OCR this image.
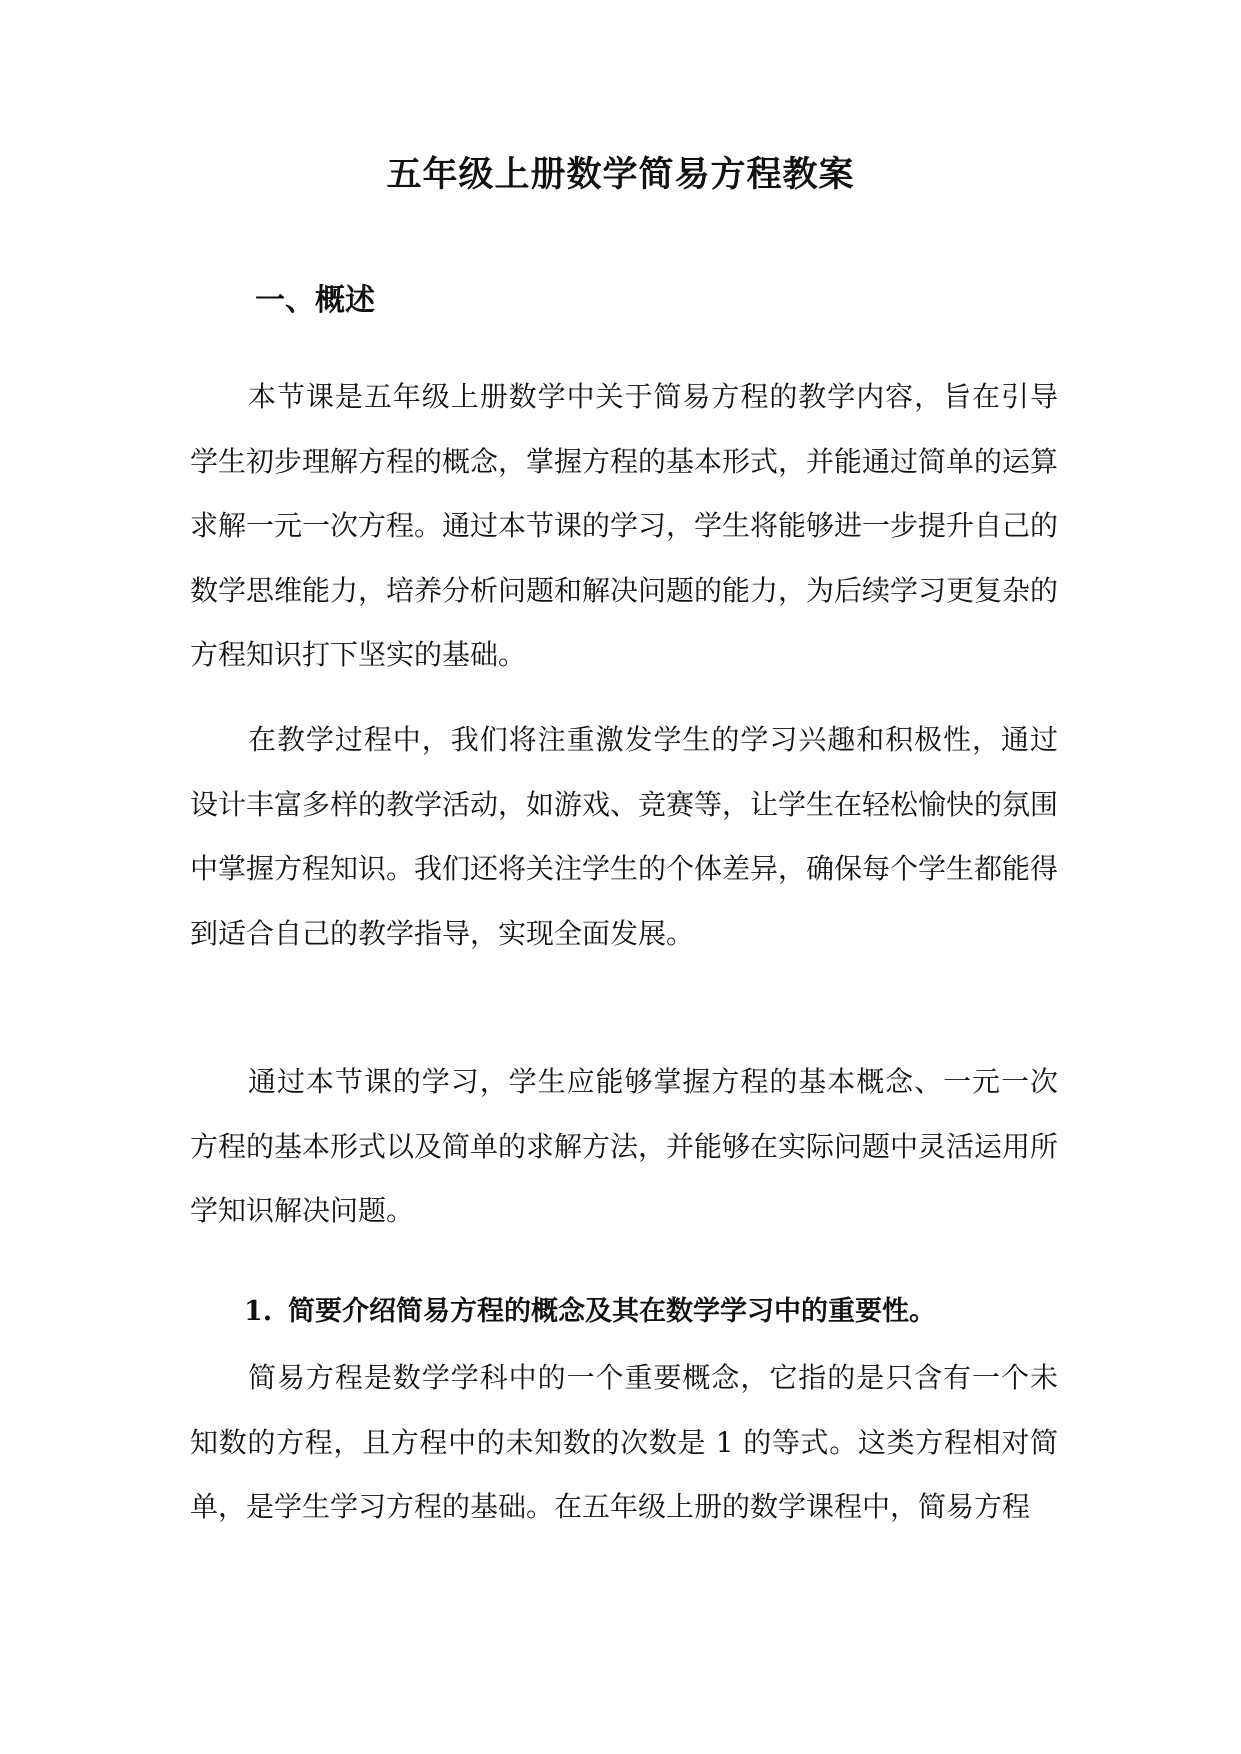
五年级上册数学简易方程教案
一、概述

本节课是五年级上册数学中关于简易方程的教学内容，旨在引导学生初步理解方程的概念，掌握方程的基本形式，并能通过简单的运算求解一元一次方程。通过本节课的学习，学生将能够进一步提升自己的数学思维能力，培养分析问题和解决问题的能力，为后续学习更复杂的方程知识打下坚实的基础。

在教学过程中，我们将注重激发学生的学习兴趣和积极性，通过设计丰富多样的教学活动，如游戏、竞赛等，让学生在轻松愉快的氛围中掌握方程知识。我们还将关注学生的个体差异，确保每个学生都能得到适合自己的教学指导，实现全面发展。

通过本节课的学习，学生应能够掌握方程的基本概念、一元一次方程的基本形式以及简单的求解方法，并能够在实际问题中灵活运用所学知识解决问题。

1. 简要介绍简易方程的概念及其在数学学习中的重要性。

简易方程是数学学科中的一个重要概念，它指的是只含有一个未知数的方程，且方程中的未知数的次数是 1 的等式。这类方程相对简单，是学生学习方程的基础。在五年级上册的数学课程中，简易方程
